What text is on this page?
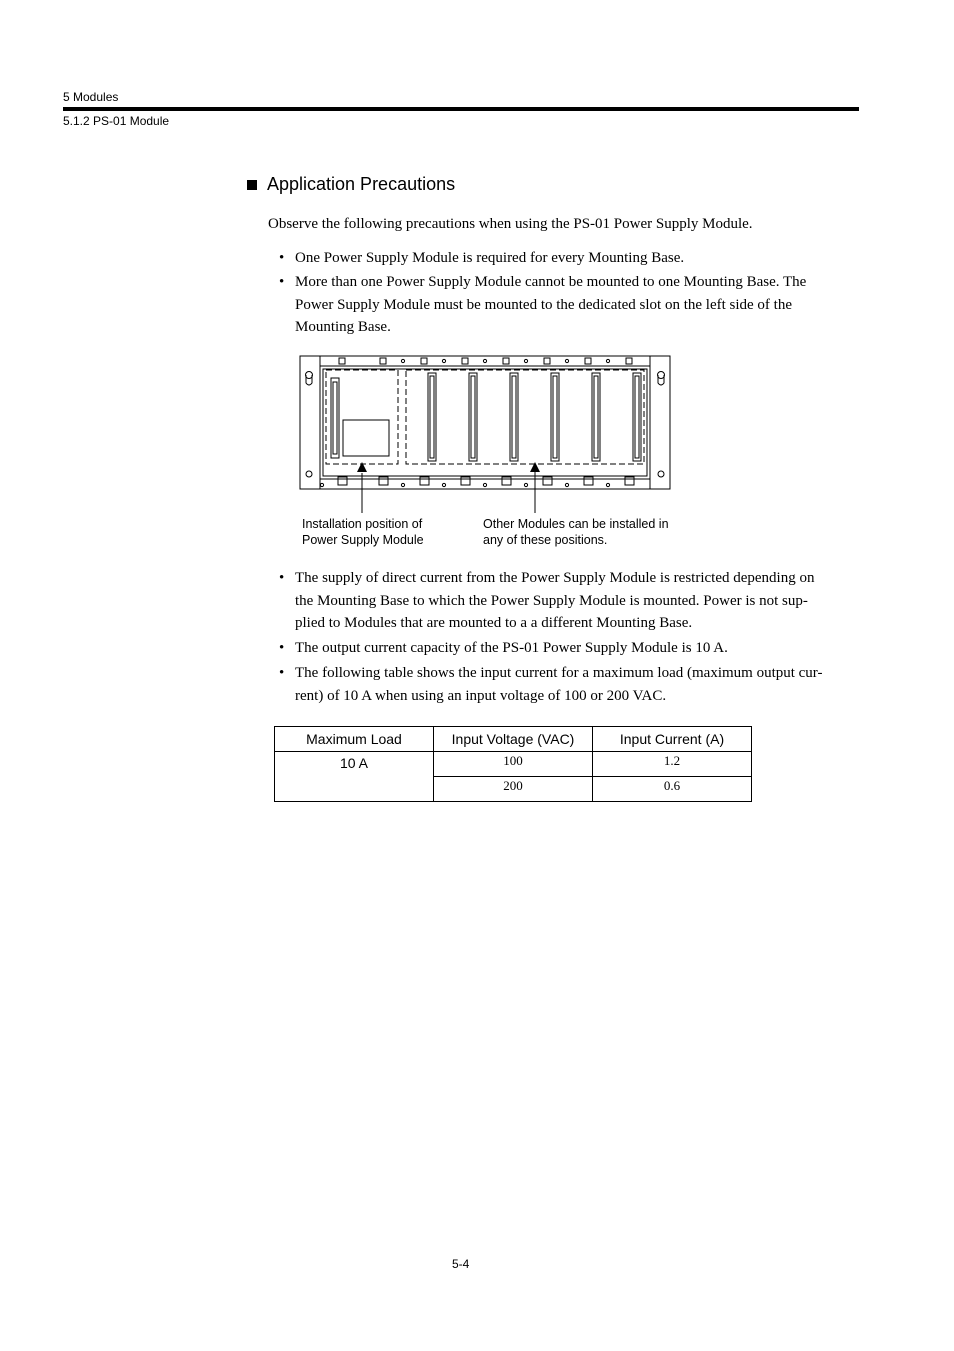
5 Modules
5.1.2 PS-01 Module
Application Precautions
Observe the following precautions when using the PS-01 Power Supply Module.
• One Power Supply Module is required for every Mounting Base.
• More than one Power Supply Module cannot be mounted to one Mounting Base. The
Power Supply Module must be mounted to the dedicated slot on the left side of the
Mounting Base.
Installation position of
Power Supply Module
Other Modules can be installed in
any of these positions.
• The supply of direct current from the Power Supply Module is restricted depending on
the Mounting Base to which the Power Supply Module is mounted. Power is not sup-
plied to Modules that are mounted to a a different Mounting Base.
• The output current capacity of the PS-01 Power Supply Module is 10 A.
• The following table shows the input current for a maximum load (maximum output cur-
rent) of 10 A when using an input voltage of 100 or 200 VAC.
Maximum Load	Input Voltage (VAC)	Input Current (A)
10 A	100	1.2
	200	0.6
5-4
